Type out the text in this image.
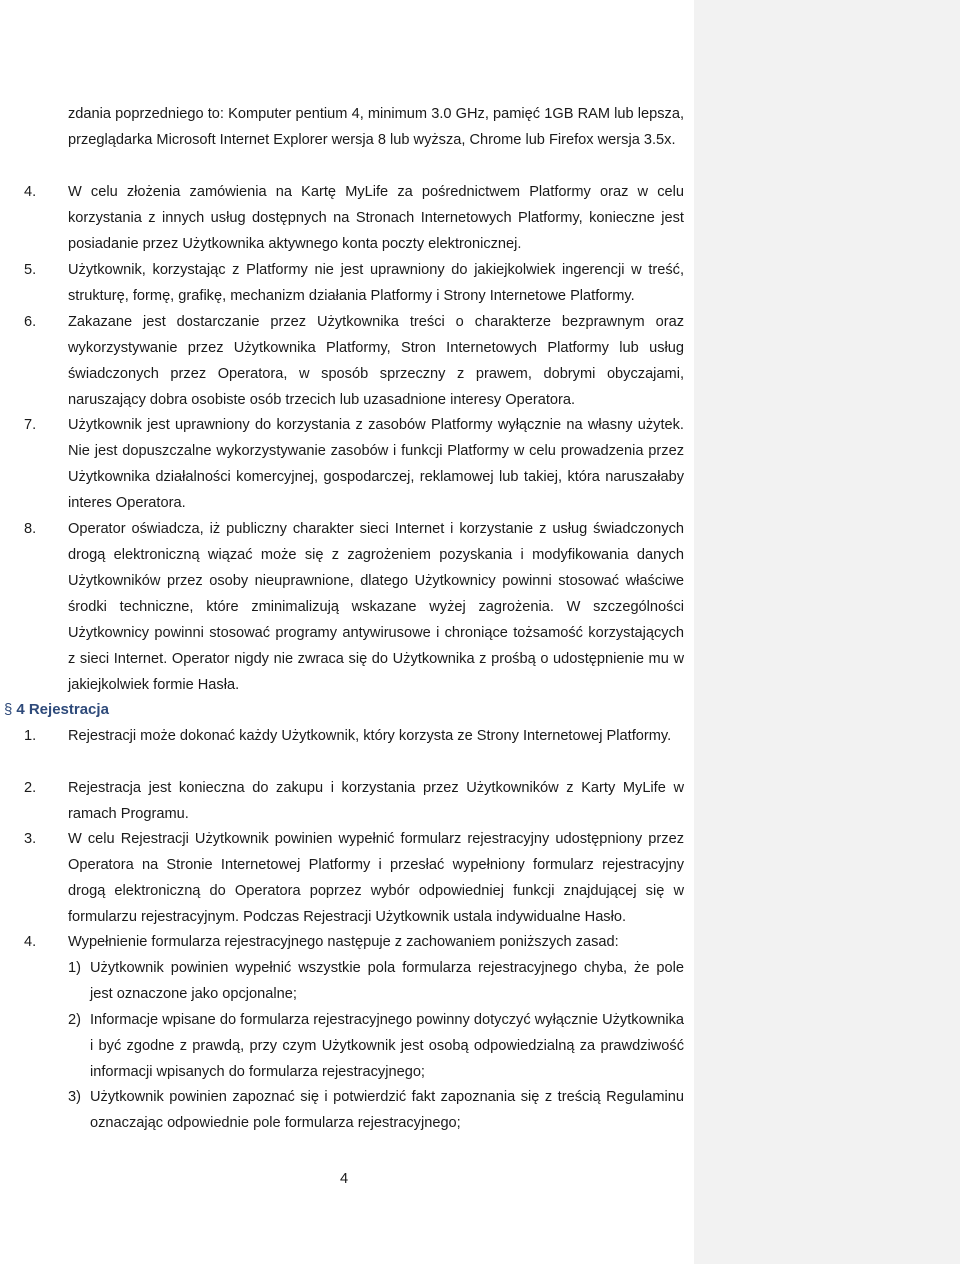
zdania poprzedniego to: Komputer pentium 4, minimum 3.0 GHz, pamięć 1GB RAM lub lepsza, przeglądarka Microsoft Internet Explorer wersja 8 lub wyższa, Chrome lub Firefox wersja 3.5x.
4. W celu złożenia zamówienia na Kartę MyLife za pośrednictwem Platformy oraz w celu korzystania z innych usług dostępnych na Stronach Internetowych Platformy, konieczne jest posiadanie przez Użytkownika aktywnego konta poczty elektronicznej.
5. Użytkownik, korzystając z Platformy nie jest uprawniony do jakiejkolwiek ingerencji w treść, strukturę, formę, grafikę, mechanizm działania Platformy i Strony Internetowe Platformy.
6. Zakazane jest dostarczanie przez Użytkownika treści o charakterze bezprawnym oraz wykorzystywanie przez Użytkownika Platformy, Stron Internetowych Platformy lub usług świadczonych przez Operatora, w sposób sprzeczny z prawem, dobrymi obyczajami, naruszający dobra osobiste osób trzecich lub uzasadnione interesy Operatora.
7. Użytkownik jest uprawniony do korzystania z zasobów Platformy wyłącznie na własny użytek. Nie jest dopuszczalne wykorzystywanie zasobów i funkcji Platformy w celu prowadzenia przez Użytkownika działalności komercyjnej, gospodarczej, reklamowej lub takiej, która naruszałaby interes Operatora.
8. Operator oświadcza, iż publiczny charakter sieci Internet i korzystanie z usług świadczonych drogą elektroniczną wiązać może się z zagrożeniem pozyskania i modyfikowania danych Użytkowników przez osoby nieuprawnione, dlatego Użytkownicy powinni stosować właściwe środki techniczne, które zminimalizują wskazane wyżej zagrożenia. W szczególności Użytkownicy powinni stosować programy antywirusowe i chroniące tożsamość korzystających z sieci Internet. Operator nigdy nie zwraca się do Użytkownika z prośbą o udostępnienie mu w jakiejkolwiek formie Hasła.
§ 4 Rejestracja
1. Rejestracji może dokonać każdy Użytkownik, który korzysta ze Strony Internetowej Platformy.
2. Rejestracja jest konieczna do zakupu i korzystania przez Użytkowników z Karty MyLife w ramach Programu.
3. W celu Rejestracji Użytkownik powinien wypełnić formularz rejestracyjny udostępniony przez Operatora na Stronie Internetowej Platformy i przesłać wypełniony formularz rejestracyjny drogą elektroniczną do Operatora poprzez wybór odpowiedniej funkcji znajdującej się w formularzu rejestracyjnym. Podczas Rejestracji Użytkownik ustala indywidualne Hasło.
4. Wypełnienie formularza rejestracyjnego następuje z zachowaniem poniższych zasad:
1) Użytkownik powinien wypełnić wszystkie pola formularza rejestracyjnego chyba, że pole jest oznaczone jako opcjonalne;
2) Informacje wpisane do formularza rejestracyjnego powinny dotyczyć wyłącznie Użytkownika i być zgodne z prawdą, przy czym Użytkownik jest osobą odpowiedzialną za prawdziwość informacji wpisanych do formularza rejestracyjnego;
3) Użytkownik powinien zapoznać się i potwierdzić fakt zapoznania się z treścią Regulaminu oznaczając odpowiednie pole formularza rejestracyjnego;
4
